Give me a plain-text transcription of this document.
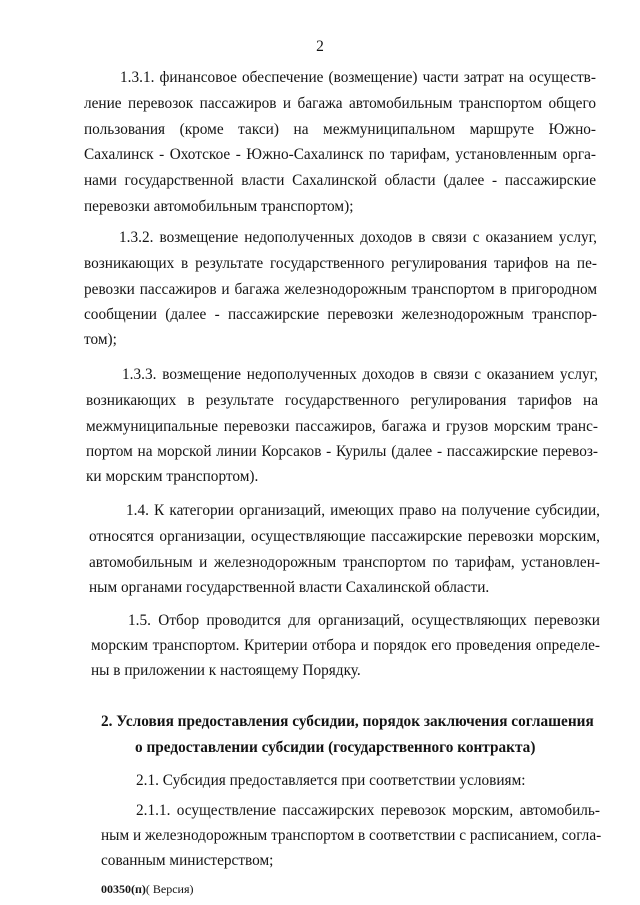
2
1.3.1. финансовое обеспечение (возмещение) части затрат на осуществ-
ление перевозок пассажиров и багажа автомобильным транспортом общего
пользования (кроме такси) на межмуниципальном маршруте Южно-
Сахалинск - Охотское - Южно-Сахалинск по тарифам, установленным орга-
нами государственной власти Сахалинской области (далее - пассажирские
перевозки автомобильным транспортом);
1.3.2. возмещение недополученных доходов в связи с оказанием услуг,
возникающих в результате государственного регулирования тарифов на пе-
ревозки пассажиров и багажа железнодорожным транспортом в пригородном
сообщении (далее - пассажирские перевозки железнодорожным транспор-
том);
1.3.3. возмещение недополученных доходов в связи с оказанием услуг,
возникающих в результате государственного регулирования тарифов на
межмуниципальные перевозки пассажиров, багажа и грузов морским транс-
портом на морской линии Корсаков - Курилы (далее - пассажирские перевоз-
ки морским транспортом).
1.4. К категории организаций, имеющих право на получение субсидии,
относятся организации, осуществляющие пассажирские перевозки морским,
автомобильным и железнодорожным транспортом по тарифам, установлен-
ным органами государственной власти Сахалинской области.
1.5. Отбор проводится для организаций, осуществляющих перевозки
морским транспортом. Критерии отбора и порядок его проведения определе-
ны в приложении к настоящему Порядку.
2. Условия предоставления субсидии, порядок заключения соглашения
о предоставлении субсидии (государственного контракта)
2.1. Субсидия предоставляется при соответствии условиям:
2.1.1. осуществление пассажирских перевозок морским, автомобиль-
ным и железнодорожным транспортом в соответствии с расписанием, согла-
сованным министерством;
00350(п)( Версия)
